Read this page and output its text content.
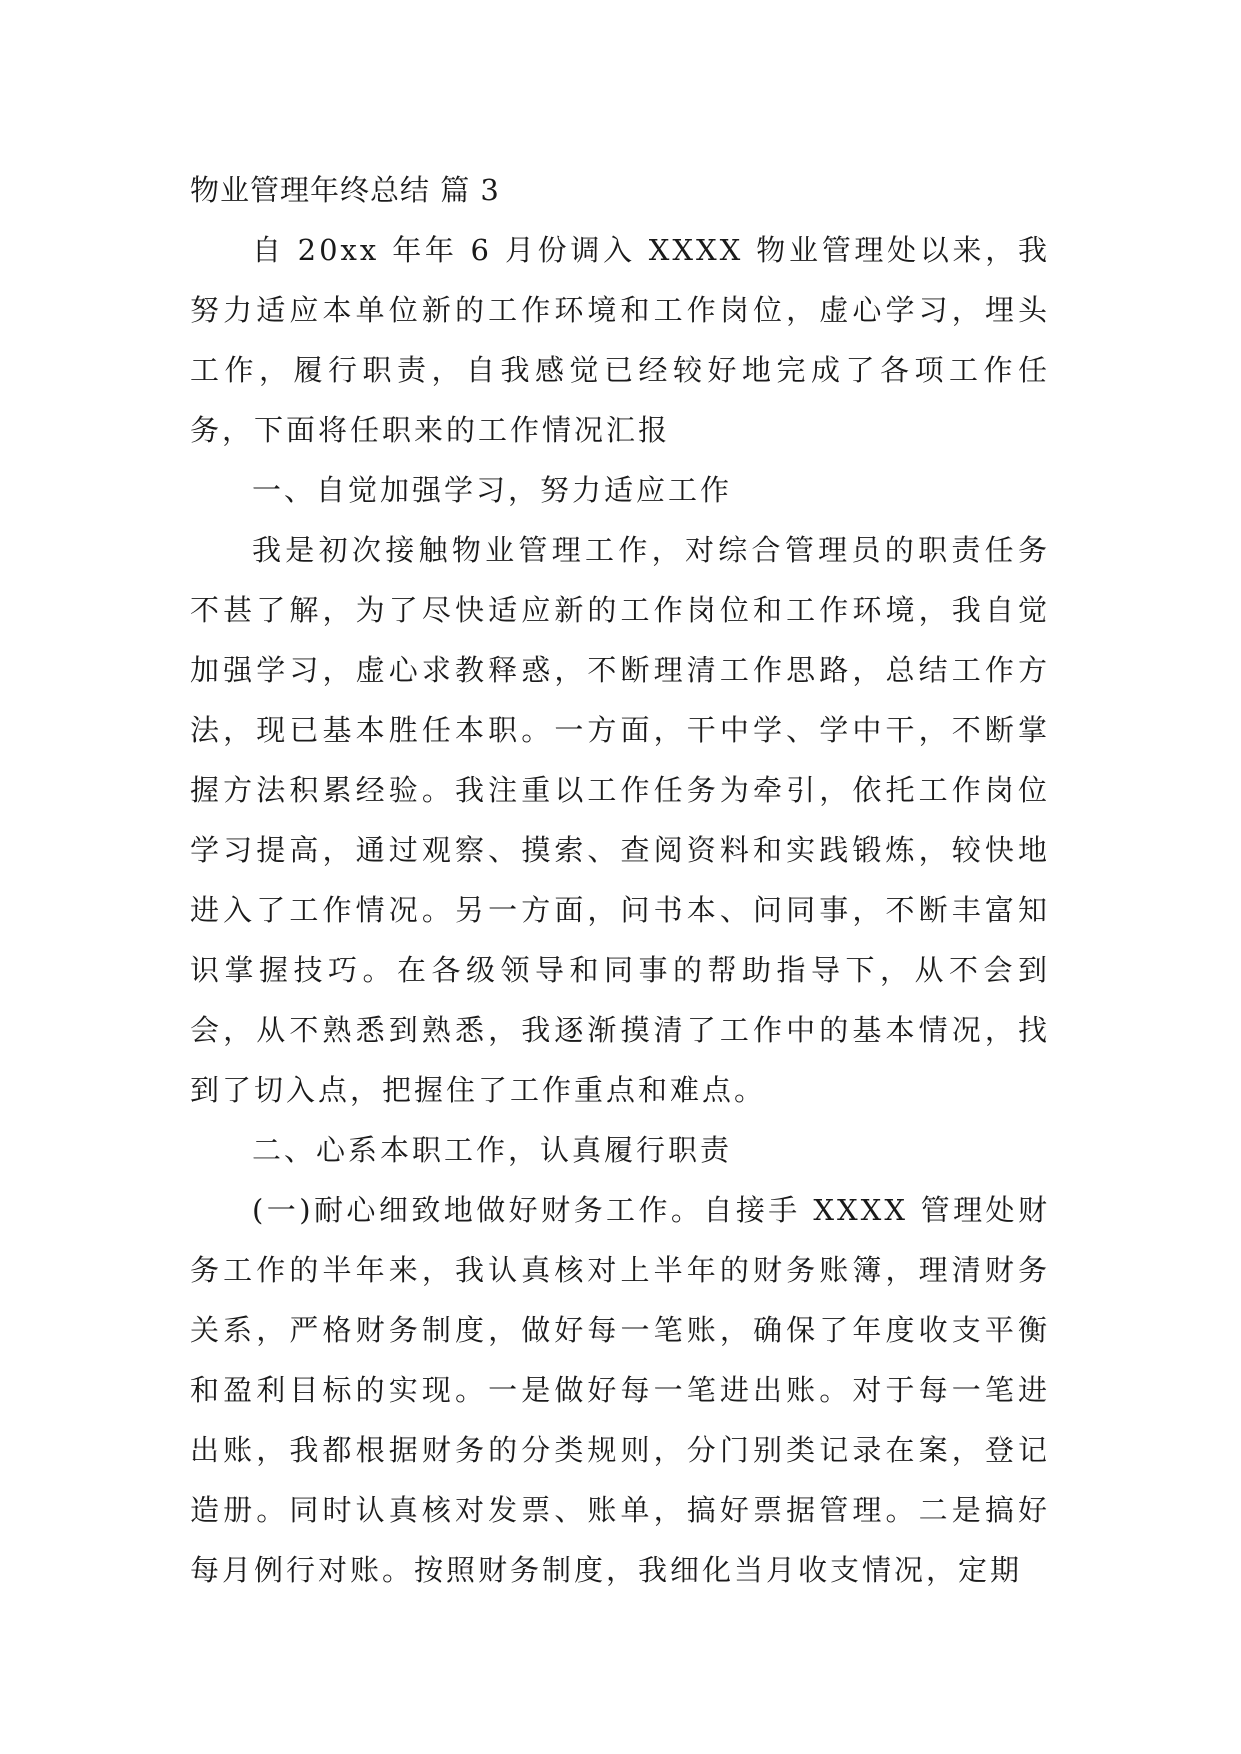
物业管理年终总结 篇 3

自 20xx 年年 6 月份调入 XXXX 物业管理处以来，我努力适应本单位新的工作环境和工作岗位，虚心学习，埋头工作，履行职责，自我感觉已经较好地完成了各项工作任务，下面将任职来的工作情况汇报

一、自觉加强学习，努力适应工作

我是初次接触物业管理工作，对综合管理员的职责任务不甚了解，为了尽快适应新的工作岗位和工作环境，我自觉加强学习，虚心求教释惑，不断理清工作思路，总结工作方法，现已基本胜任本职。一方面，干中学、学中干，不断掌握方法积累经验。我注重以工作任务为牵引，依托工作岗位学习提高，通过观察、摸索、查阅资料和实践锻炼，较快地进入了工作情况。另一方面，问书本、问同事，不断丰富知识掌握技巧。在各级领导和同事的帮助指导下，从不会到会，从不熟悉到熟悉，我逐渐摸清了工作中的基本情况，找到了切入点，把握住了工作重点和难点。

二、心系本职工作，认真履行职责

(一)耐心细致地做好财务工作。自接手 XXXX 管理处财务工作的半年来，我认真核对上半年的财务账簿，理清财务关系，严格财务制度，做好每一笔账，确保了年度收支平衡和盈利目标的实现。一是做好每一笔进出账。对于每一笔进出账，我都根据财务的分类规则，分门别类记录在案，登记造册。同时认真核对发票、账单，搞好票据管理。二是搞好每月例行对账。按照财务制度，我细化当月收支情况，定期
